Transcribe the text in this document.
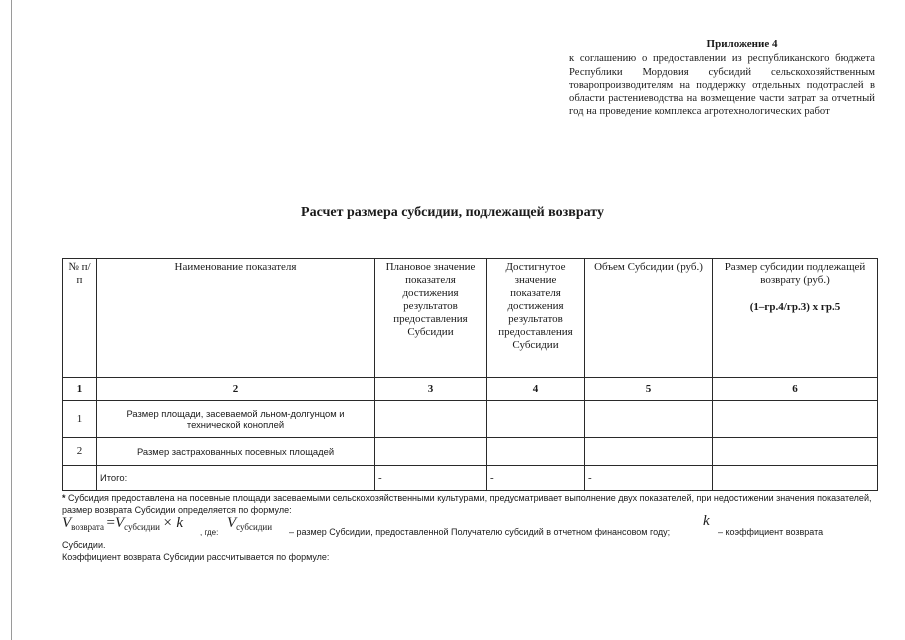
Приложение 4
к соглашению о предоставлении из республиканского бюджета Республики Мордовия субсидий сельскохозяйственным товаропроизводителям на поддержку отдельных подотраслей в области растениеводства на возмещение части затрат за отчетный год на проведение комплекса агротехнологических работ
Расчет размера субсидии, подлежащей возврату
№ п/п	Наименование показателя	Плановое значение показателя достижения результатов предоставления Субсидии	Достигнутое значение показателя достижения результатов предоставления Субсидии	Объем Субсидии (руб.)	Размер субсидии подлежащей возврату (руб.)
(1–гр.4/гр.3) x гр.5

1	2	3	4	5	6
1	Размер площади, засеваемой льном-долгунцом и технической коноплей				
2	Размер застрахованных посевных площадей				
	Итого:	-	-	-	
* Субсидия предоставлена на посевные площади засеваемыми сельскохозяйственными культурами, предусматривает выполнение двух показателей, при недостижении значения показателей, размер возврата Субсидии определяется по формуле:
Vвозврата =Vсубсидии × k
, где:
Vсубсидии – размер Субсидии, предоставленной Получателю субсидий в отчетном финансовом году;
k
– коэффициент возврата
Субсидии.
Коэффициент возврата Субсидии рассчитывается по формуле:
